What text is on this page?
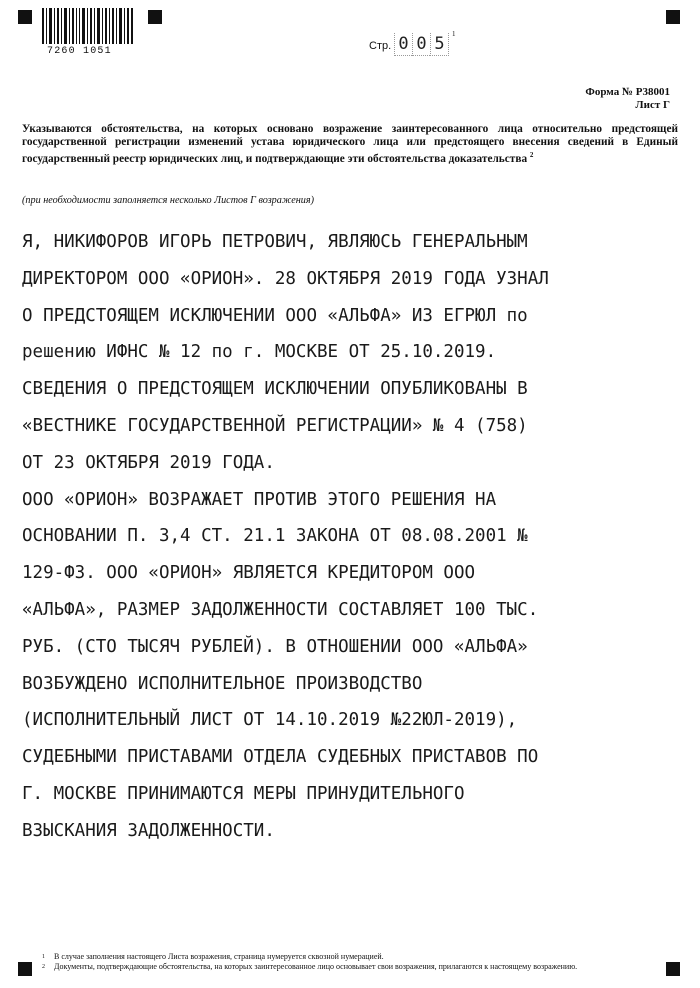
7260 1051	Стр. 0 0 5	1
Форма № Р38001
Лист Г
Указываются обстоятельства, на которых основано возражение заинтересованного лица относительно предстоящей государственной регистрации изменений устава юридического лица или предстоящего внесения сведений в Единый государственный реестр юридических лиц, и подтверждающие эти обстоятельства доказательства $^2$
(при необходимости заполняется несколько Листов Г возражения)
Я, НИКИФОРОВ ИГОРЬ ПЕТРОВИЧ, ЯВЛЯЮСЬ ГЕНЕРАЛЬНЫМ
ДИРЕКТОРОМ ООО «ОРИОН». 28 ОКТЯБРЯ 2019 ГОДА УЗНАЛ
О ПРЕДСТОЯЩЕМ ИСКЛЮЧЕНИИ ООО «АЛЬФА» ИЗ ЕГРЮЛ по
решению ИФНС № 12 по г. МОСКВЕ ОТ 25.10.2019.
СВЕДЕНИЯ О ПРЕДСТОЯЩЕМ ИСКЛЮЧЕНИИ ОПУБЛИКОВАНЫ В
«ВЕСТНИКЕ ГОСУДАРСТВЕННОЙ РЕГИСТРАЦИИ» № 4 (758)
ОТ 23 ОКТЯБРЯ 2019 ГОДА.
ООО «ОРИОН» ВОЗРАЖАЕТ ПРОТИВ ЭТОГО РЕШЕНИЯ НА
ОСНОВАНИИ П. 3,4 СТ. 21.1 ЗАКОНА ОТ 08.08.2001 №
129-ФЗ. ООО «ОРИОН» ЯВЛЯЕТСЯ КРЕДИТОРОМ ООО
«АЛЬФА», РАЗМЕР ЗАДОЛЖЕННОСТИ СОСТАВЛЯЕТ 100 ТЫС.
РУБ. (СТО ТЫСЯЧ РУБЛЕЙ). В ОТНОШЕНИИ ООО «АЛЬФА»
ВОЗБУЖДЕНО ИСПОЛНИТЕЛЬНОЕ ПРОИЗВОДСТВО
(ИСПОЛНИТЕЛЬНЫЙ ЛИСТ ОТ 14.10.2019 №22ЮЛ-2019),
СУДЕБНЫМИ ПРИСТАВАМИ ОТДЕЛА СУДЕБНЫХ ПРИСТАВОВ ПО
Г. МОСКВЕ ПРИНИМАЮТСЯ МЕРЫ ПРИНУДИТЕЛЬНОГО
ВЗЫСКАНИЯ ЗАДОЛЖЕННОСТИ.
1	В случае заполнения настоящего Листа возражения, страница нумеруется сквозной нумерацией.
2	Документы, подтверждающие обстоятельства, на которых заинтересованное лицо основывает свои возражения, прилагаются к настоящему возражению.
